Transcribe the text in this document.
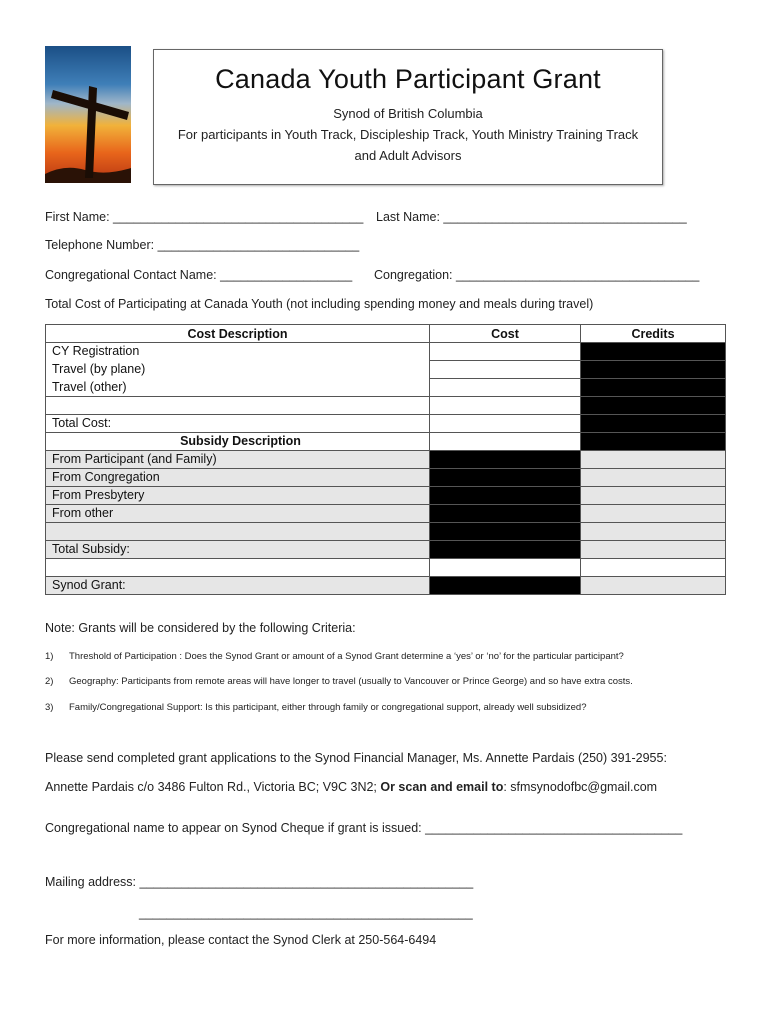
Canada Youth Participant Grant
Synod of British Columbia
For participants in Youth Track, Discipleship Track, Youth Ministry Training Track
and Adult Advisors
First Name: ____________________________________ Last Name: ___________________________________
Telephone Number: _____________________________
Congregational Contact Name: ___________________ Congregation: ___________________________________
Total Cost of Participating at Canada Youth (not including spending money and meals during travel)
Cost Description	Cost	Credits
CY Registration		
Travel (by plane)		
Travel (other)		

Total Cost:		
Subsidy Description		
From Participant (and Family)		
From Congregation		
From Presbytery		
From other		

Total Subsidy:		

Synod Grant:		
Note: Grants will be considered by the following Criteria:
1) Threshold of Participation : Does the Synod Grant or amount of a Synod Grant determine a ‘yes’ or ‘no’ for the particular participant?
2) Geography: Participants from remote areas will have longer to travel (usually to Vancouver or Prince George) and so have extra costs.
3) Family/Congregational Support: Is this participant, either through family or congregational support, already well subsidized?
Please send completed grant applications to the Synod Financial Manager, Ms. Annette Pardais (250) 391-2955:
Annette Pardais c/o 3486 Fulton Rd., Victoria BC; V9C 3N2; Or scan and email to: sfmsynodofbc@gmail.com
Congregational name to appear on Synod Cheque if grant is issued: _____________________________________
Mailing address: ________________________________________________
________________________________________________
For more information, please contact the Synod Clerk at 250-564-6494
